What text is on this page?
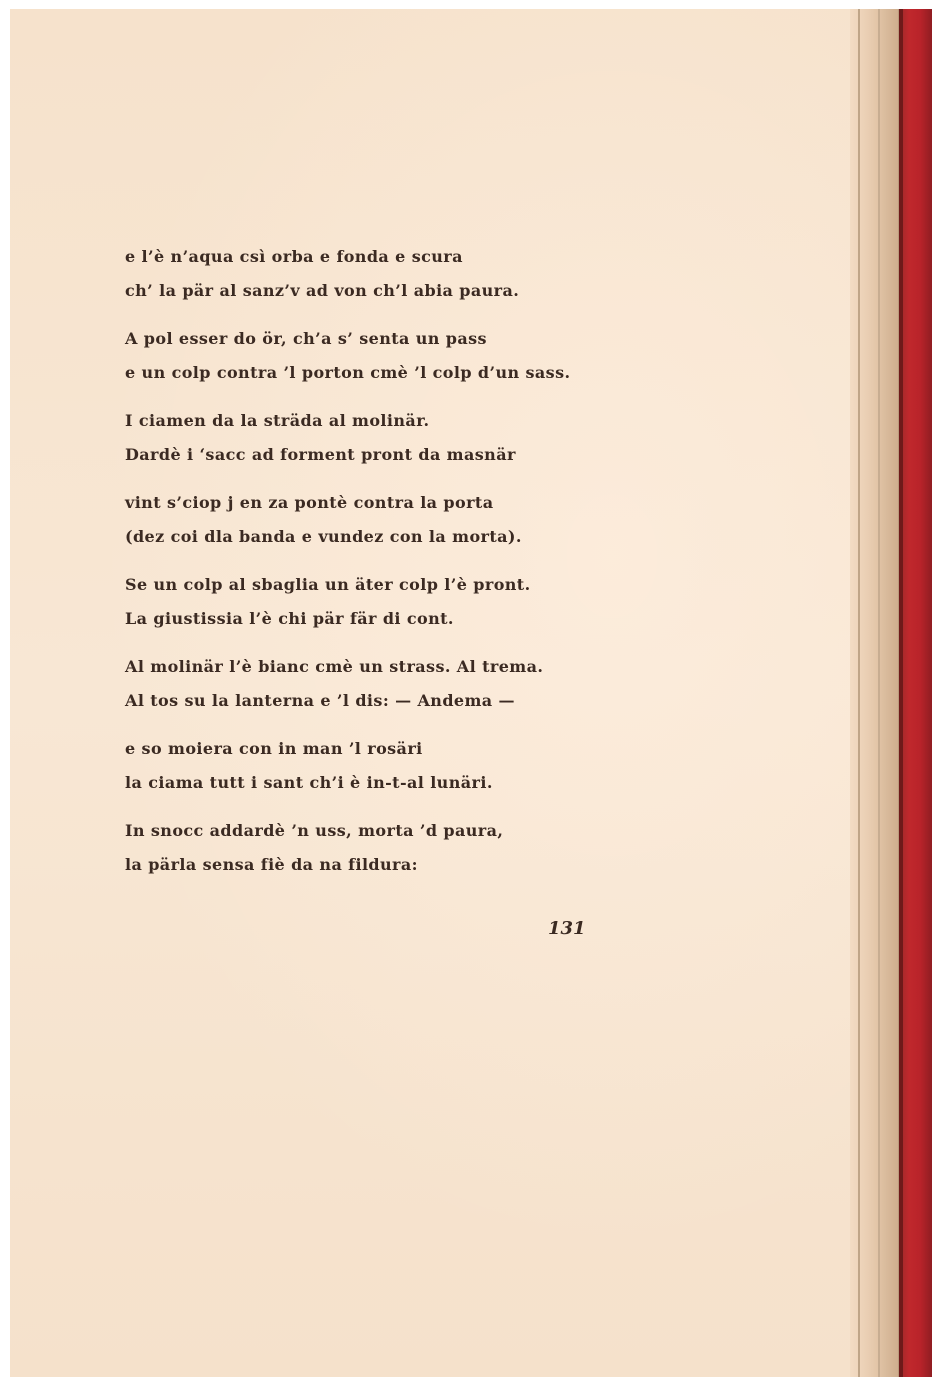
e l’è n’aqua csì orba e fonda e scura
ch’ la pär al sanz’v ad von ch’l abia paura.
A pol esser do ör, ch’a s’ senta un pass
e un colp contra ’l porton cmè ’l colp d’un sass.
I ciamen da la sträda al molinär.
Dardè i ‘sacc ad forment pront da masnär
vint s’ciop j en za pontè contra la porta
(dez coi dla banda e vundez con la morta).
Se un colp al sbaglia un äter colp l’è pront.
La giustissia l’è chi pär fär di cont.
Al molinär l’è bianc cmè un strass. Al trema.
Al tos su la lanterna e ’l dis: — Andema —
e so moiera con in man ’l rosäri
la ciama tutt i sant ch’i è in-t-al lunäri.
In snocc addardè ’n uss, morta ’d paura,
la pärla sensa fiè da na fildura:
131
